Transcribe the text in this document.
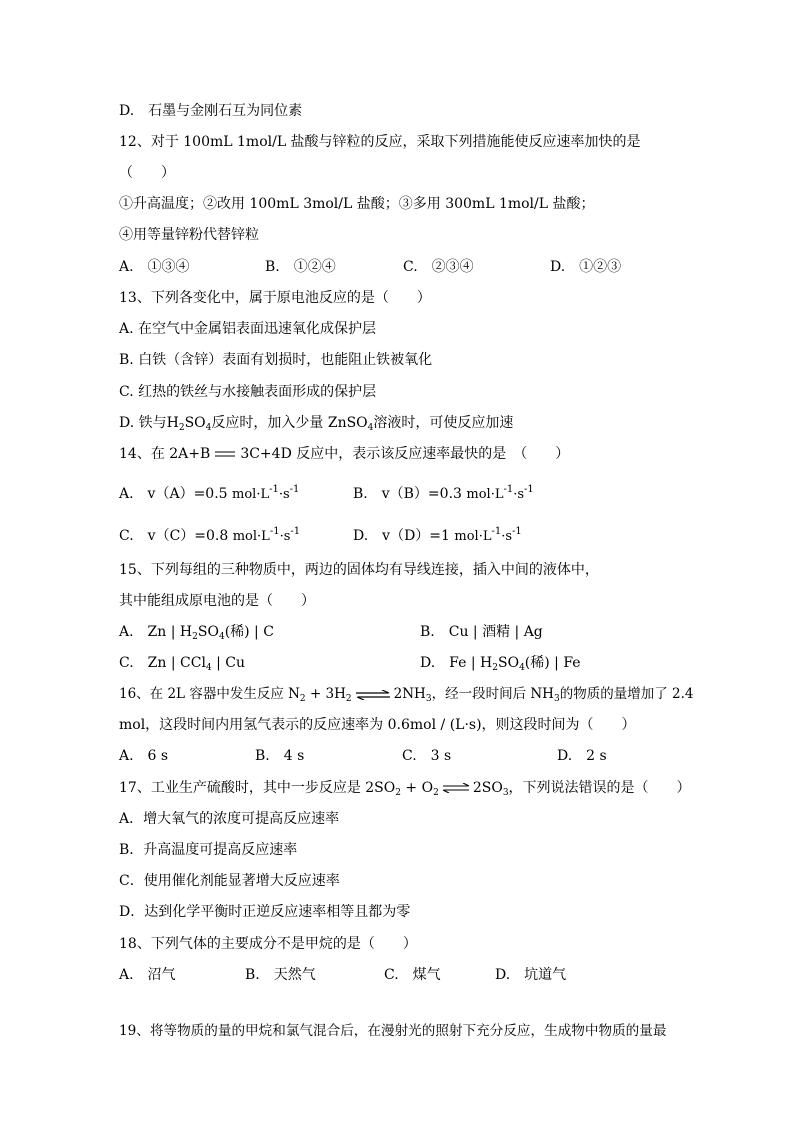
D.　石墨与金刚石互为同位素
12、对于 100mL 1mol/L 盐酸与锌粒的反应，采取下列措施能使反应速率加快的是
（　　）
①升高温度；②改用 100mL 3mol/L 盐酸；③多用 300mL 1mol/L 盐酸；
④用等量锌粉代替锌粒
A.　①③④	B.　①②④	C.　②③④	D.　①②③
13、下列各变化中，属于原电池反应的是（　　）
A. 在空气中金属铝表面迅速氧化成保护层
B. 白铁（含锌）表面有划损时，也能阻止铁被氧化
C. 红热的铁丝与水接触表面形成的保护层
D. 铁与$H_2SO_4$反应时，加入少量 ZnSO$_4$溶液时，可使反应加速
14、在 2A+B 3C+4D 反应中，表示该反应速率最快的是　（　　）
A.　v（A）=0.5 $mol\cdot L^{-1}\cdot s^{-1}$	B.　v（B）=0.3 $mol\cdot L^{-1}\cdot s^{-1}$
C.　v（C）=0.8 $mol\cdot L^{-1}\cdot s^{-1}$	D.　v（D）=1 $mol\cdot L^{-1}\cdot s^{-1}$
15、下列每组的三种物质中，两边的固体均有导线连接，插入中间的液体中，
其中能组成原电池的是（　　）
A.　Zn | $H_2SO_4$(稀) | C	B.　Cu | 酒精 | Ag
C.　Zn | CCl$_4$ | Cu	D.　Fe | $H_2SO_4$(稀) | Fe
16、在 2L 容器中发生反应 $N_2 + 3H_2$ ⇌ $2NH_3$，经一段时间后 $NH_3$的物质的量增加了 2.4
mol，这段时间内用氢气表示的反应速率为 0.6mol / (L·s)，则这段时间为（　　）
A.　6 s	B.　4 s	C.　3 s	D.　2 s
17、工业生产硫酸时，其中一步反应是 $2SO_2 + O_2$ ⇌ $2SO_3$，下列说法错误的是（　　）
A．增大氧气的浓度可提高反应速率
B．升高温度可提高反应速率
C．使用催化剂能显著增大反应速率
D．达到化学平衡时正逆反应速率相等且都为零
18、下列气体的主要成分不是甲烷的是（　　）
A.　沼气	B.　天然气	C.　煤气	D.　坑道气
19、将等物质的量的甲烷和氯气混合后，在漫射光的照射下充分反应，生成物中物质的量最
